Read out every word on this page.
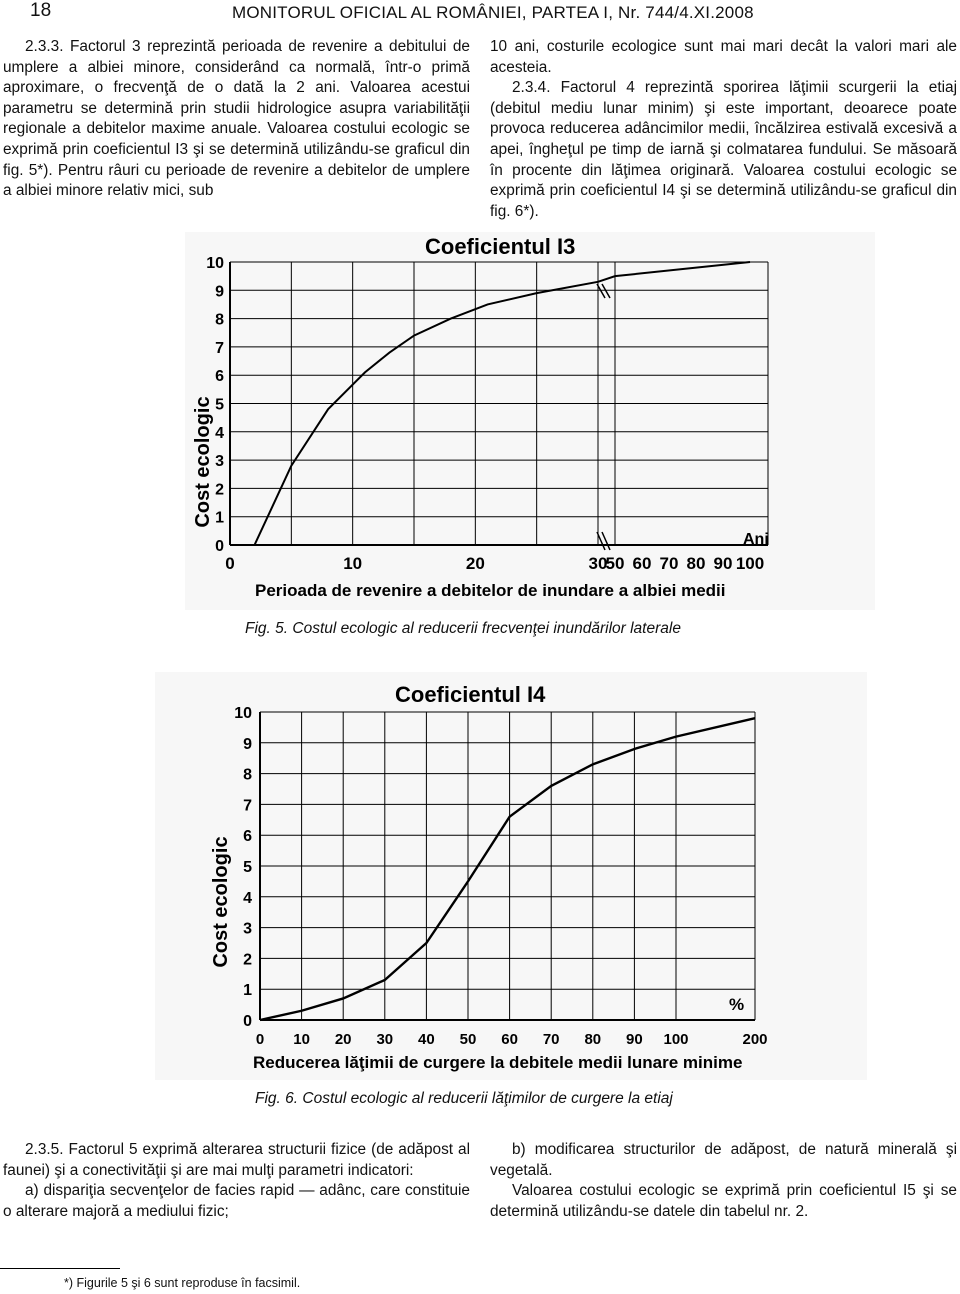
18	MONITORUL OFICIAL AL ROMÂNIEI, PARTEA I, Nr. 744/4.XI.2008

2.3.3. Factorul 3 reprezintă perioada de revenire a debitului de umplere a albiei minore, considerând ca normală, într-o primă aproximare, o frecvenţă de o dată la 2 ani. Valoarea acestui parametru se determină prin studii hidrologice asupra variabilităţii regionale a debitelor maxime anuale. Valoarea costului ecologic se exprimă prin coeficientul I3 şi se determină utilizându-se graficul din fig. 5*). Pentru râuri cu perioade de revenire a debitelor de umplere a albiei minore relativ mici, sub

10 ani, costurile ecologice sunt mai mari decât la valori mari ale acesteia.

2.3.4. Factorul 4 reprezintă sporirea lăţimii scurgerii la etiaj (debitul mediu lunar minim) şi este important, deoarece poate provoca reducerea adâncimilor medii, încălzirea estivală excesivă a apei, îngheţul pe timp de iarnă şi colmatarea fundului. Se măsoară în procente din lăţimea originară. Valoarea costului ecologic se exprimă prin coeficientul I4 şi se determină utilizându-se graficul din fig. 6*).

Coeficientul I3
Cost ecologic
Perioada de revenire a debitelor de inundare a albiei medii
Ani
0
1
2
3
4
5
6
7
8
9
10
0	10	20	30
50 60 70 80 90 100
Fig. 5. Costul ecologic al reducerii frecvenţei inundărilor laterale
Coeficientul I4
Cost ecologic
Reducerea lăţimii de curgere la debitele medii lunare minime
%
0
1
2
3
4
5
6
7
8
9
10
0 10 20 30 40 50 60 70 80 90 100	200
Fig. 6. Costul ecologic al reducerii lăţimilor de curgere la etiaj

2.3.5. Factorul 5 exprimă alterarea structurii fizice (de adăpost al faunei) şi a conectivităţii şi are mai mulţi parametri indicatori:

a) dispariţia secvenţelor de facies rapid — adânc, care constituie o alterare majoră a mediului fizic;

b) modificarea structurilor de adăpost, de natură minerală şi vegetală.

Valoarea costului ecologic se exprimă prin coeficientul I5 şi se determină utilizându-se datele din tabelul nr. 2.

*) Figurile 5 şi 6 sunt reproduse în facsimil.
